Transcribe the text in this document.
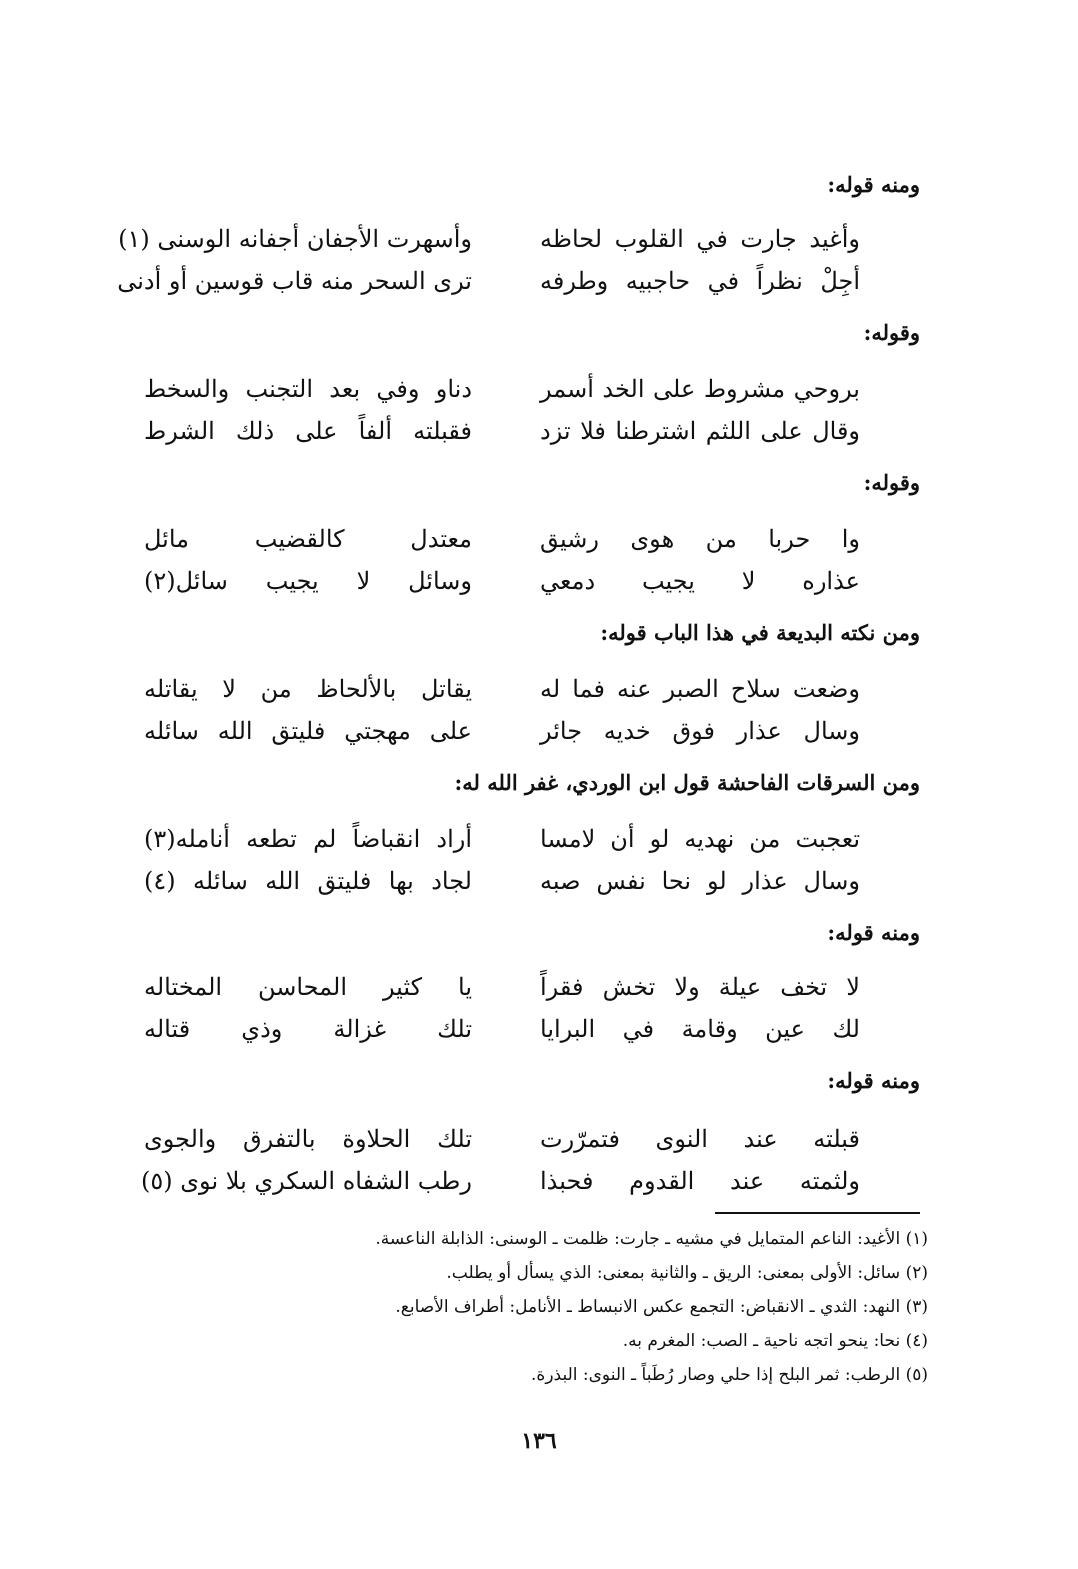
ومنه قوله:
وأغيد جارت في القلوب لحاظه
وأسهرت الأجفان أجفانه الوسنى (١)
أجِلْ نظراً في حاجبيه وطرفه
ترى السحر منه قاب قوسين أو أدنى
وقوله:
بروحي مشروط على الخد أسمر
دناو وفي بعد التجنب والسخط
وقال على اللثم اشترطنا فلا تزد
فقبلته ألفاً على ذلك الشرط
وقوله:
وا حربا من هوى رشيق
معتدل كالقضيب مائل
عذاره لا يجيب دمعي
وسائل لا يجيب سائل(٢)
ومن نكته البديعة في هذا الباب قوله:
وضعت سلاح الصبر عنه فما له
يقاتل بالألحاظ من لا يقاتله
وسال عذار فوق خديه جائر
على مهجتي فليتق الله سائله
ومن السرقات الفاحشة قول ابن الوردي، غفر الله له:
تعجبت من نهديه لو أن لامسا
أراد انقباضاً لم تطعه أنامله(٣)
وسال عذار لو نحا نفس صبه
لجاد بها فليتق الله سائله (٤)
ومنه قوله:
لا تخف عيلة ولا تخش فقراً
يا كثير المحاسن المختاله
لك عين وقامة في البرايا
تلك غزالة وذي قتاله
ومنه قوله:
قبلته عند النوى فتمرّرت
تلك الحلاوة بالتفرق والجوى
ولثمته عند القدوم فحبذا
رطب الشفاه السكري بلا نوى (٥)
(١) الأغيد: الناعم المتمايل في مشيه ـ جارت: ظلمت ـ الوسنى: الذابلة الناعسة.
(٢) سائل: الأولى بمعنى: الريق ـ والثانية بمعنى: الذي يسأل أو يطلب.
(٣) النهد: الثدي ـ الانقباض: التجمع عكس الانبساط ـ الأنامل: أطراف الأصابع.
(٤) نحا: ينحو اتجه ناحية ـ الصب: المغرم به.
(٥) الرطب: ثمر البلح إذا حلي وصار رُطَباً ـ النوى: البذرة.
١٣٦
